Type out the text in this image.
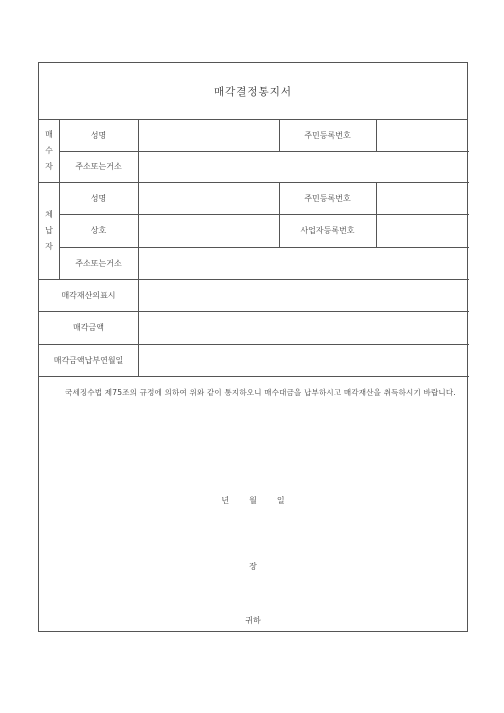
매각결정통지서
매
수
자
성명	주민등록번호
주소또는거소
체
납
자
성명	주민등록번호
상호	사업자등록번호
주소또는거소
매각재산의표시
매각금액
매각금액납부연월일
국세징수법 제75조의 규정에 의하여 위와 같이 통지하오니 매수대금을 납부하시고 매각재산을 취득하시기 바랍니다.
년	월	일
장
귀하
